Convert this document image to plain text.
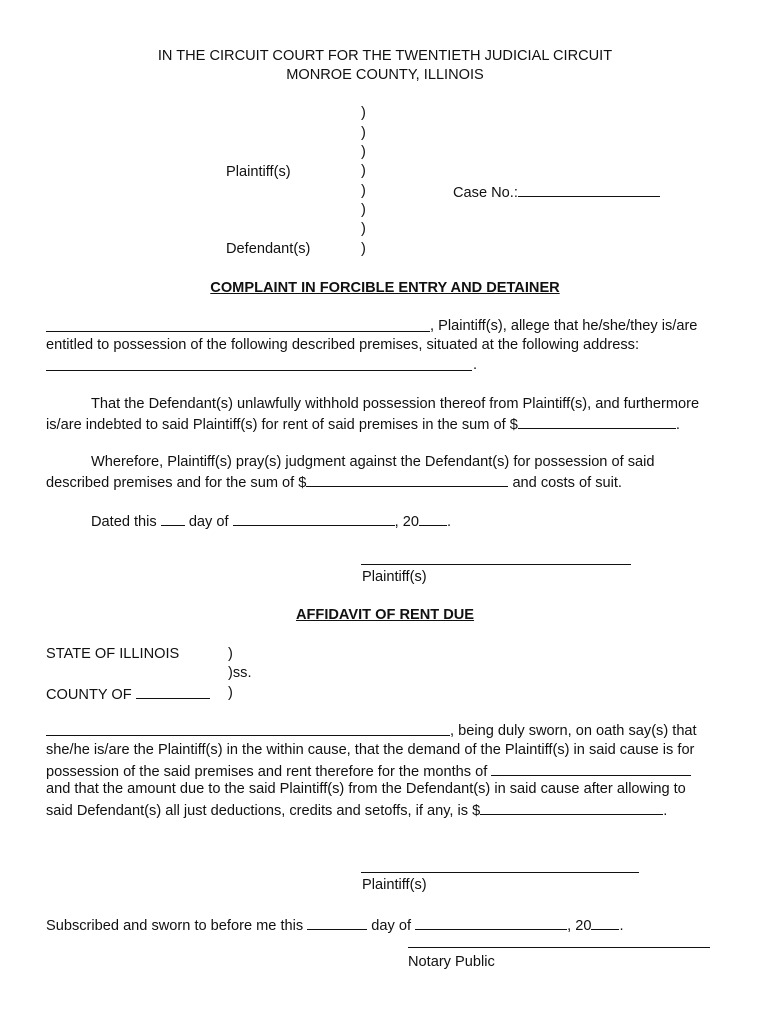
IN THE CIRCUIT COURT FOR THE TWENTIETH JUDICIAL CIRCUIT
MONROE COUNTY, ILLINOIS
)
)
)
)
)
)
)
)
Plaintiff(s)
Defendant(s)
Case No.:
COMPLAINT IN FORCIBLE ENTRY AND DETAINER
, Plaintiff(s), allege that he/she/they is/are
entitled to possession of the following described premises, situated at the following address:
.
That the Defendant(s) unlawfully withhold possession thereof from Plaintiff(s), and furthermore
is/are indebted to said Plaintiff(s) for rent of said premises in the sum of $	.
Wherefore, Plaintiff(s) pray(s) judgment against the Defendant(s) for possession of said
described premises and for the sum of $	and costs of suit.
Dated this  day of	, 20 .
Plaintiff(s)
AFFIDAVIT OF RENT DUE
STATE OF ILLINOIS	)
)ss.
COUNTY OF	)
, being duly sworn, on oath say(s) that
she/he is/are the Plaintiff(s) in the within cause, that the demand of the Plaintiff(s) in said cause is for
possession of the said premises and rent therefore for the months of
and that the amount due to the said Plaintiff(s) from the Defendant(s) in said cause after allowing to
said Defendant(s) all just deductions, credits and setoffs, if any, is $	.
Plaintiff(s)
Subscribed and sworn to before me this	day of	, 20 .
Notary Public
